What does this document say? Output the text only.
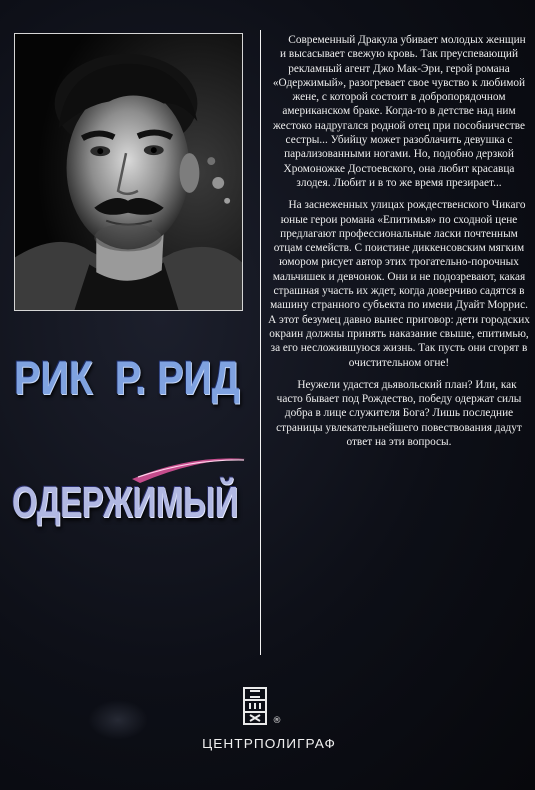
РИК  Р. РИД
ОДЕРЖИМЫЙ

Современный Дракула убивает молодых женщин и высасывает свежую кровь. Так преуспевающий рекламный агент Джо Мак-Эри, герой романа «Одержимый», разогревает свое чувство к любимой жене, с которой состоит в добропорядочном американском браке. Когда-то в детстве над ним жестоко надругался родной отец при пособничестве сестры... Убийцу может разоблачить девушка с парализованными ногами. Но, подобно дерзкой Хромоножке Достоевского, она любит красавца злодея. Любит и в то же время презирает...

На заснеженных улицах рождественского Чикаго юные герои романа «Епитимья» по сходной цене предлагают профессиональные ласки почтенным отцам семейств. С поистине диккенсовским мягким юмором рисует автор этих трогательно-порочных мальчишек и девчонок. Они и не подозревают, какая страшная участь их ждет, когда доверчиво садятся в машину странного субъекта по имени Дуайт Моррис. А этот безумец давно вынес приговор: дети городских окраин должны принять наказание свыше, епитимью, за его несложившуюся жизнь. Так пусть они сгорят в очистительном огне!

Неужели удастся дьявольский план? Или, как часто бывает под Рождество, победу одержат силы добра в лице служителя Бога? Лишь последние страницы увлекательнейшего повествования дадут ответ на эти вопросы.

®
ЦЕНТРПОЛИГРАФ
